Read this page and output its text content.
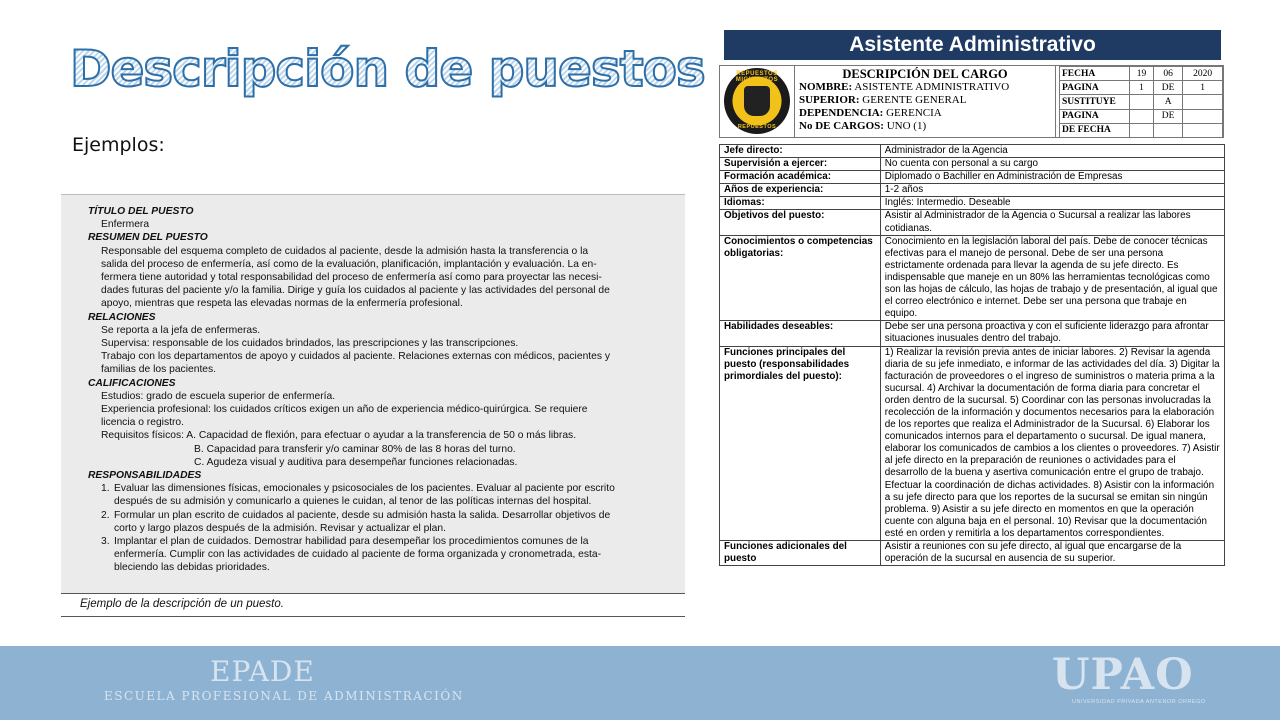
Descripción de puestos
Ejemplos:
TÍTULO DEL PUESTO
Enfermera
RESUMEN DEL PUESTO
Responsable del esquema completo de cuidados al paciente, desde la admisión hasta la transferencia o la
salida del proceso de enfermería, así como de la evaluación, planificación, implantación y evaluación. La en-
fermera tiene autoridad y total responsabilidad del proceso de enfermería así como para proyectar las necesi-
dades futuras del paciente y/o la familia. Dirige y guía los cuidados al paciente y las actividades del personal de
apoyo, mientras que respeta las elevadas normas de la enfermería profesional.
RELACIONES
Se reporta a la jefa de enfermeras.
Supervisa: responsable de los cuidados brindados, las prescripciones y las transcripciones.
Trabajo con los departamentos de apoyo y cuidados al paciente. Relaciones externas con médicos, pacientes y
familias de los pacientes.
CALIFICACIONES
Estudios: grado de escuela superior de enfermería.
Experiencia profesional: los cuidados críticos exigen un año de experiencia médico-quirúrgica. Se requiere
licencia o registro.
Requisitos físicos: A. Capacidad de flexión, para efectuar o ayudar a la transferencia de 50 o más libras.
B. Capacidad para transferir y/o caminar 80% de las 8 horas del turno.
C. Agudeza visual y auditiva para desempeñar funciones relacionadas.
RESPONSABILIDADES
1. Evaluar las dimensiones físicas, emocionales y psicosociales de los pacientes. Evaluar al paciente por escrito
después de su admisión y comunicarlo a quienes le cuidan, al tenor de las políticas internas del hospital.
2. Formular un plan escrito de cuidados al paciente, desde su admisión hasta la salida. Desarrollar objetivos de
corto y largo plazos después de la admisión. Revisar y actualizar el plan.
3. Implantar el plan de cuidados. Demostrar habilidad para desempeñar los procedimientos comunes de la
enfermería. Cumplir con las actividades de cuidado al paciente de forma organizada y cronometrada, esta-
bleciendo las debidas prioridades.
Ejemplo de la descripción de un puesto.
Asistente Administrativo
REPUESTOS MIGUELITOS
REPUESTOS
DESCRIPCIÓN DEL CARGO
NOMBRE: ASISTENTE ADMINISTRATIVO
SUPERIOR: GERENTE GENERAL
DEPENDENCIA: GERENCIA
No DE CARGOS: UNO (1)
FECHA	19	06	2020
PAGINA	1	DE	1
SUSTITUYE		A	
PAGINA		DE	
DE FECHA			
Jefe directo:	Administrador de la Agencia
Supervisión a ejercer:	No cuenta con personal a su cargo
Formación académica:	Diplomado o Bachiller en Administración de Empresas
Años de experiencia:	1-2 años
Idiomas:	Inglés: Intermedio. Deseable
Objetivos del puesto:	Asistir al Administrador de la Agencia o Sucursal a realizar las labores cotidianas.
Conocimientos o competencias obligatorias:	Conocimiento en la legislación laboral del país. Debe de conocer técnicas efectivas para el manejo de personal. Debe de ser una persona estrictamente ordenada para llevar la agenda de su jefe directo. Es indispensable que maneje en un 80% las herramientas tecnológicas como son las hojas de cálculo, las hojas de trabajo y de presentación, al igual que el correo electrónico e internet. Debe ser una persona que trabaje en equipo.
Habilidades deseables:	Debe ser una persona proactiva y con el suficiente liderazgo para afrontar situaciones inusuales dentro del trabajo.
Funciones principales del puesto (responsabilidades primordiales del puesto):	1) Realizar la revisión previa antes de iniciar labores. 2) Revisar la agenda diaria de su jefe inmediato, e informar de las actividades del día. 3) Digitar la facturación de proveedores o el ingreso de suministros o materia prima a la sucursal. 4) Archivar la documentación de forma diaria para concretar el orden dentro de la sucursal. 5) Coordinar con las personas involucradas la recolección de la información y documentos necesarios para la elaboración de los reportes que realiza el Administrador de la Sucursal. 6) Elaborar los comunicados internos para el departamento o sucursal. De igual manera, elaborar los comunicados de cambios a los clientes o proveedores. 7) Asistir al jefe directo en la preparación de reuniones o actividades para el desarrollo de la buena y asertiva comunicación entre el grupo de trabajo. Efectuar la coordinación de dichas actividades. 8) Asistir con la información a su jefe directo para que los reportes de la sucursal se emitan sin ningún problema. 9) Asistir a su jefe directo en momentos en que la operación cuente con alguna baja en el personal. 10) Revisar que la documentación esté en orden y remitirla a los departamentos correspondientes.
Funciones adicionales del puesto	Asistir a reuniones con su jefe directo, al igual que encargarse de la operación de la sucursal en ausencia de su superior.
EPADE
ESCUELA PROFESIONAL DE ADMINISTRACIÓN	UPAO
UNIVERSIDAD PRIVADA ANTENOR ORREGO
